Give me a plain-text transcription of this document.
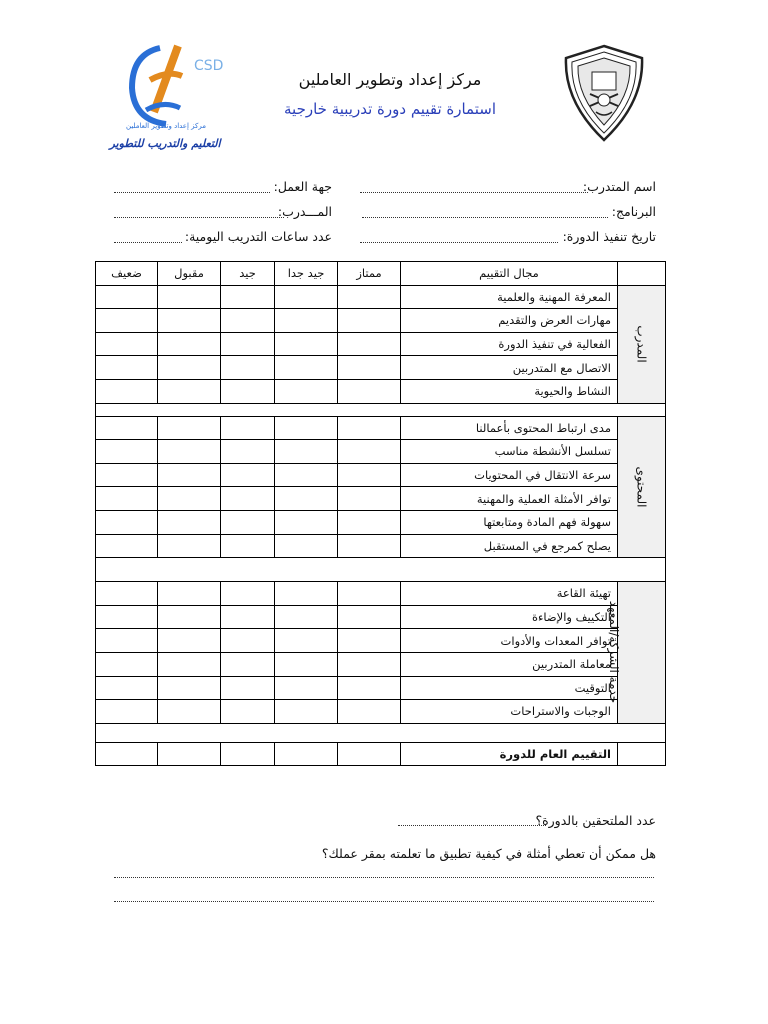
CSD
مركز إعداد وتطوير العاملين
التعليم والتدريب للتطوير
مركز إعداد وتطوير العاملين
استمارة تقييم دورة تدريبية خارجية
اسم المتدرب:
البرنامج:
تاريخ تنفيذ الدورة:
جهة العمل:
المـــدرب:
عدد ساعات التدريب اليومية:
	مجال التقييم	ممتاز	جيد جدا	جيد	مقبول	ضعيف
المدرب	المعرفة المهنية والعلمية					
	مهارات العرض والتقديم					
	الفعالية في تنفيذ الدورة					
	الاتصال مع المتدربين					
	النشاط والحيوية					

المحتوى	مدى ارتباط المحتوى بأعمالنا					
	تسلسل الأنشطة مناسب					
	سرعة الانتقال في المحتويات					
	توافر الأمثلة العملية والمهنية					
	سهولة فهم المادة ومتابعتها					
	يصلح كمرجع في المستقبل					

خدمة الشركة/المعهد	تهيئة القاعة					
	التكييف والإضاءة					
	توافر المعدات والأدوات					
	معاملة المتدربين					
	التوقيت					
	الوجبات والاستراحات					

	التقييم العام للدورة					
عدد الملتحقين بالدورة؟
هل ممكن أن تعطي أمثلة في كيفية تطبيق ما تعلمته بمقر عملك؟
